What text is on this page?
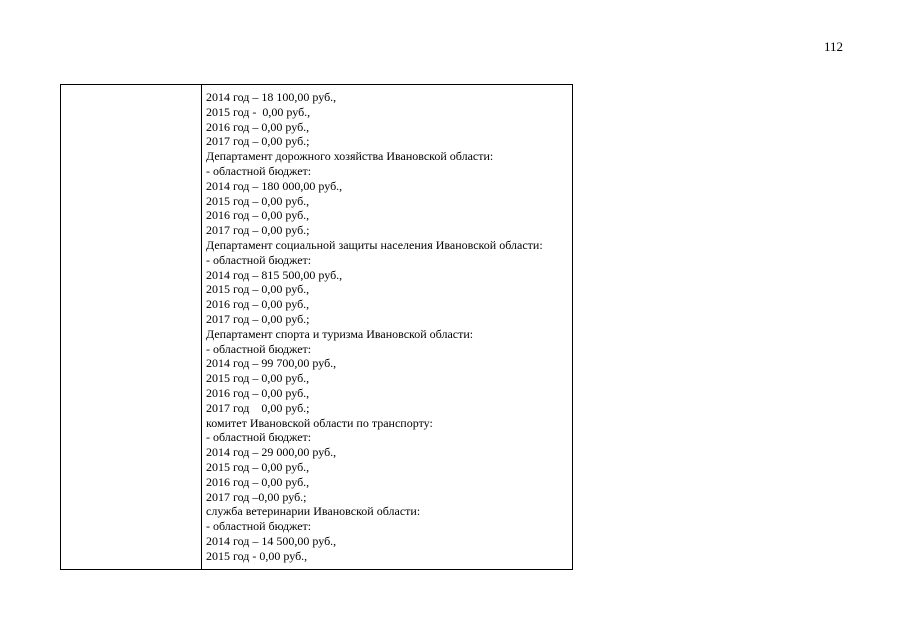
112
2014 год – 18 100,00 руб.,
2015 год -  0,00 руб.,
2016 год – 0,00 руб.,
2017 год – 0,00 руб.;
Департамент дорожного хозяйства Ивановской области:
- областной бюджет:
2014 год – 180 000,00 руб.,
2015 год – 0,00 руб.,
2016 год – 0,00 руб.,
2017 год – 0,00 руб.;
Департамент социальной защиты населения Ивановской области:
- областной бюджет:
2014 год – 815 500,00 руб.,
2015 год – 0,00 руб.,
2016 год – 0,00 руб.,
2017 год – 0,00 руб.;
Департамент спорта и туризма Ивановской области:
- областной бюджет:
2014 год – 99 700,00 руб.,
2015 год – 0,00 руб.,
2016 год – 0,00 руб.,
2017 год    0,00 руб.;
комитет Ивановской области по транспорту:
- областной бюджет:
2014 год – 29 000,00 руб.,
2015 год – 0,00 руб.,
2016 год – 0,00 руб.,
2017 год –0,00 руб.;
служба ветеринарии Ивановской области:
- областной бюджет:
2014 год – 14 500,00 руб.,
2015 год - 0,00 руб.,
